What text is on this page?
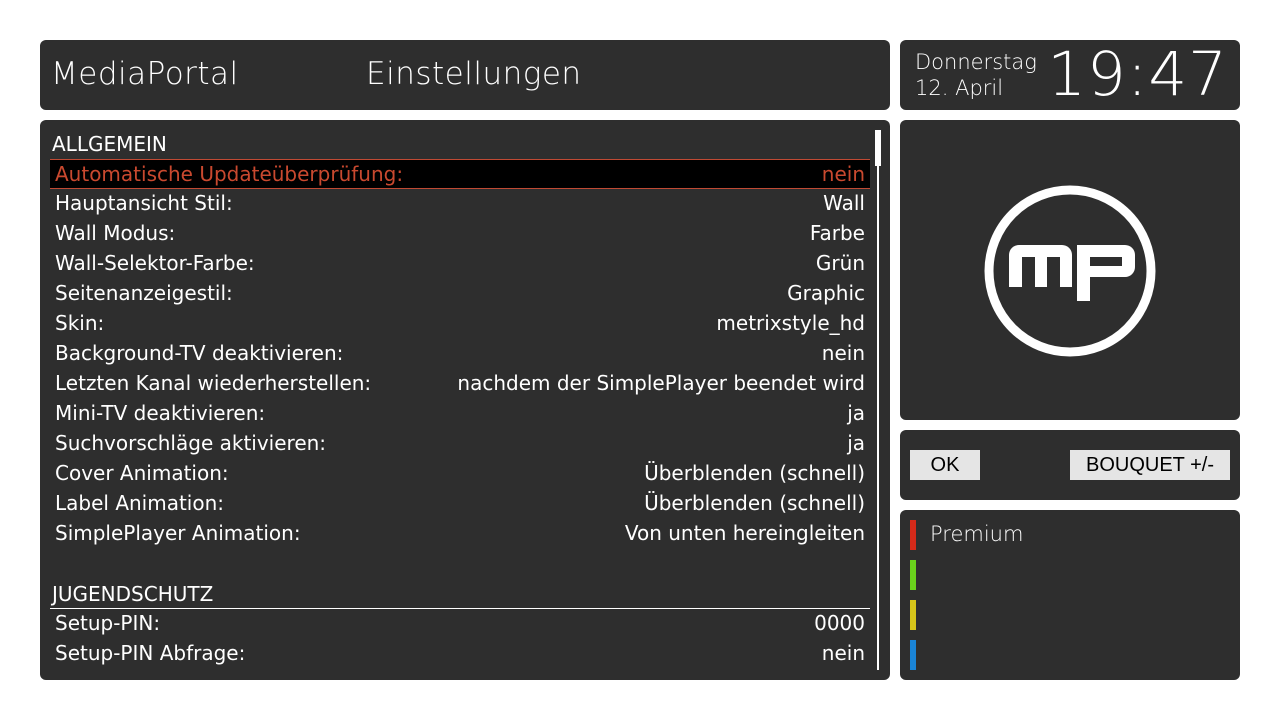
MediaPortal	Einstellungen	Donnerstag
12. April 19:47
ALLGEMEIN
Automatische Updateüberprüfung:	nein
Hauptansicht Stil:	Wall
Wall Modus:	Farbe
Wall-Selektor-Farbe:	Grün
Seitenanzeigestil:	Graphic
Skin:	metrixstyle_hd
Background-TV deaktivieren:	nein
Letzten Kanal wiederherstellen:	nachdem der SimplePlayer beendet wird
Mini-TV deaktivieren:	ja
Suchvorschläge aktivieren:	ja
Cover Animation:	Überblenden (schnell)
Label Animation:	Überblenden (schnell)
SimplePlayer Animation:	Von unten hereingleiten
JUGENDSCHUTZ
Setup-PIN:	0000
Setup-PIN Abfrage:	nein
OK	BOUQUET +/-
Premium
